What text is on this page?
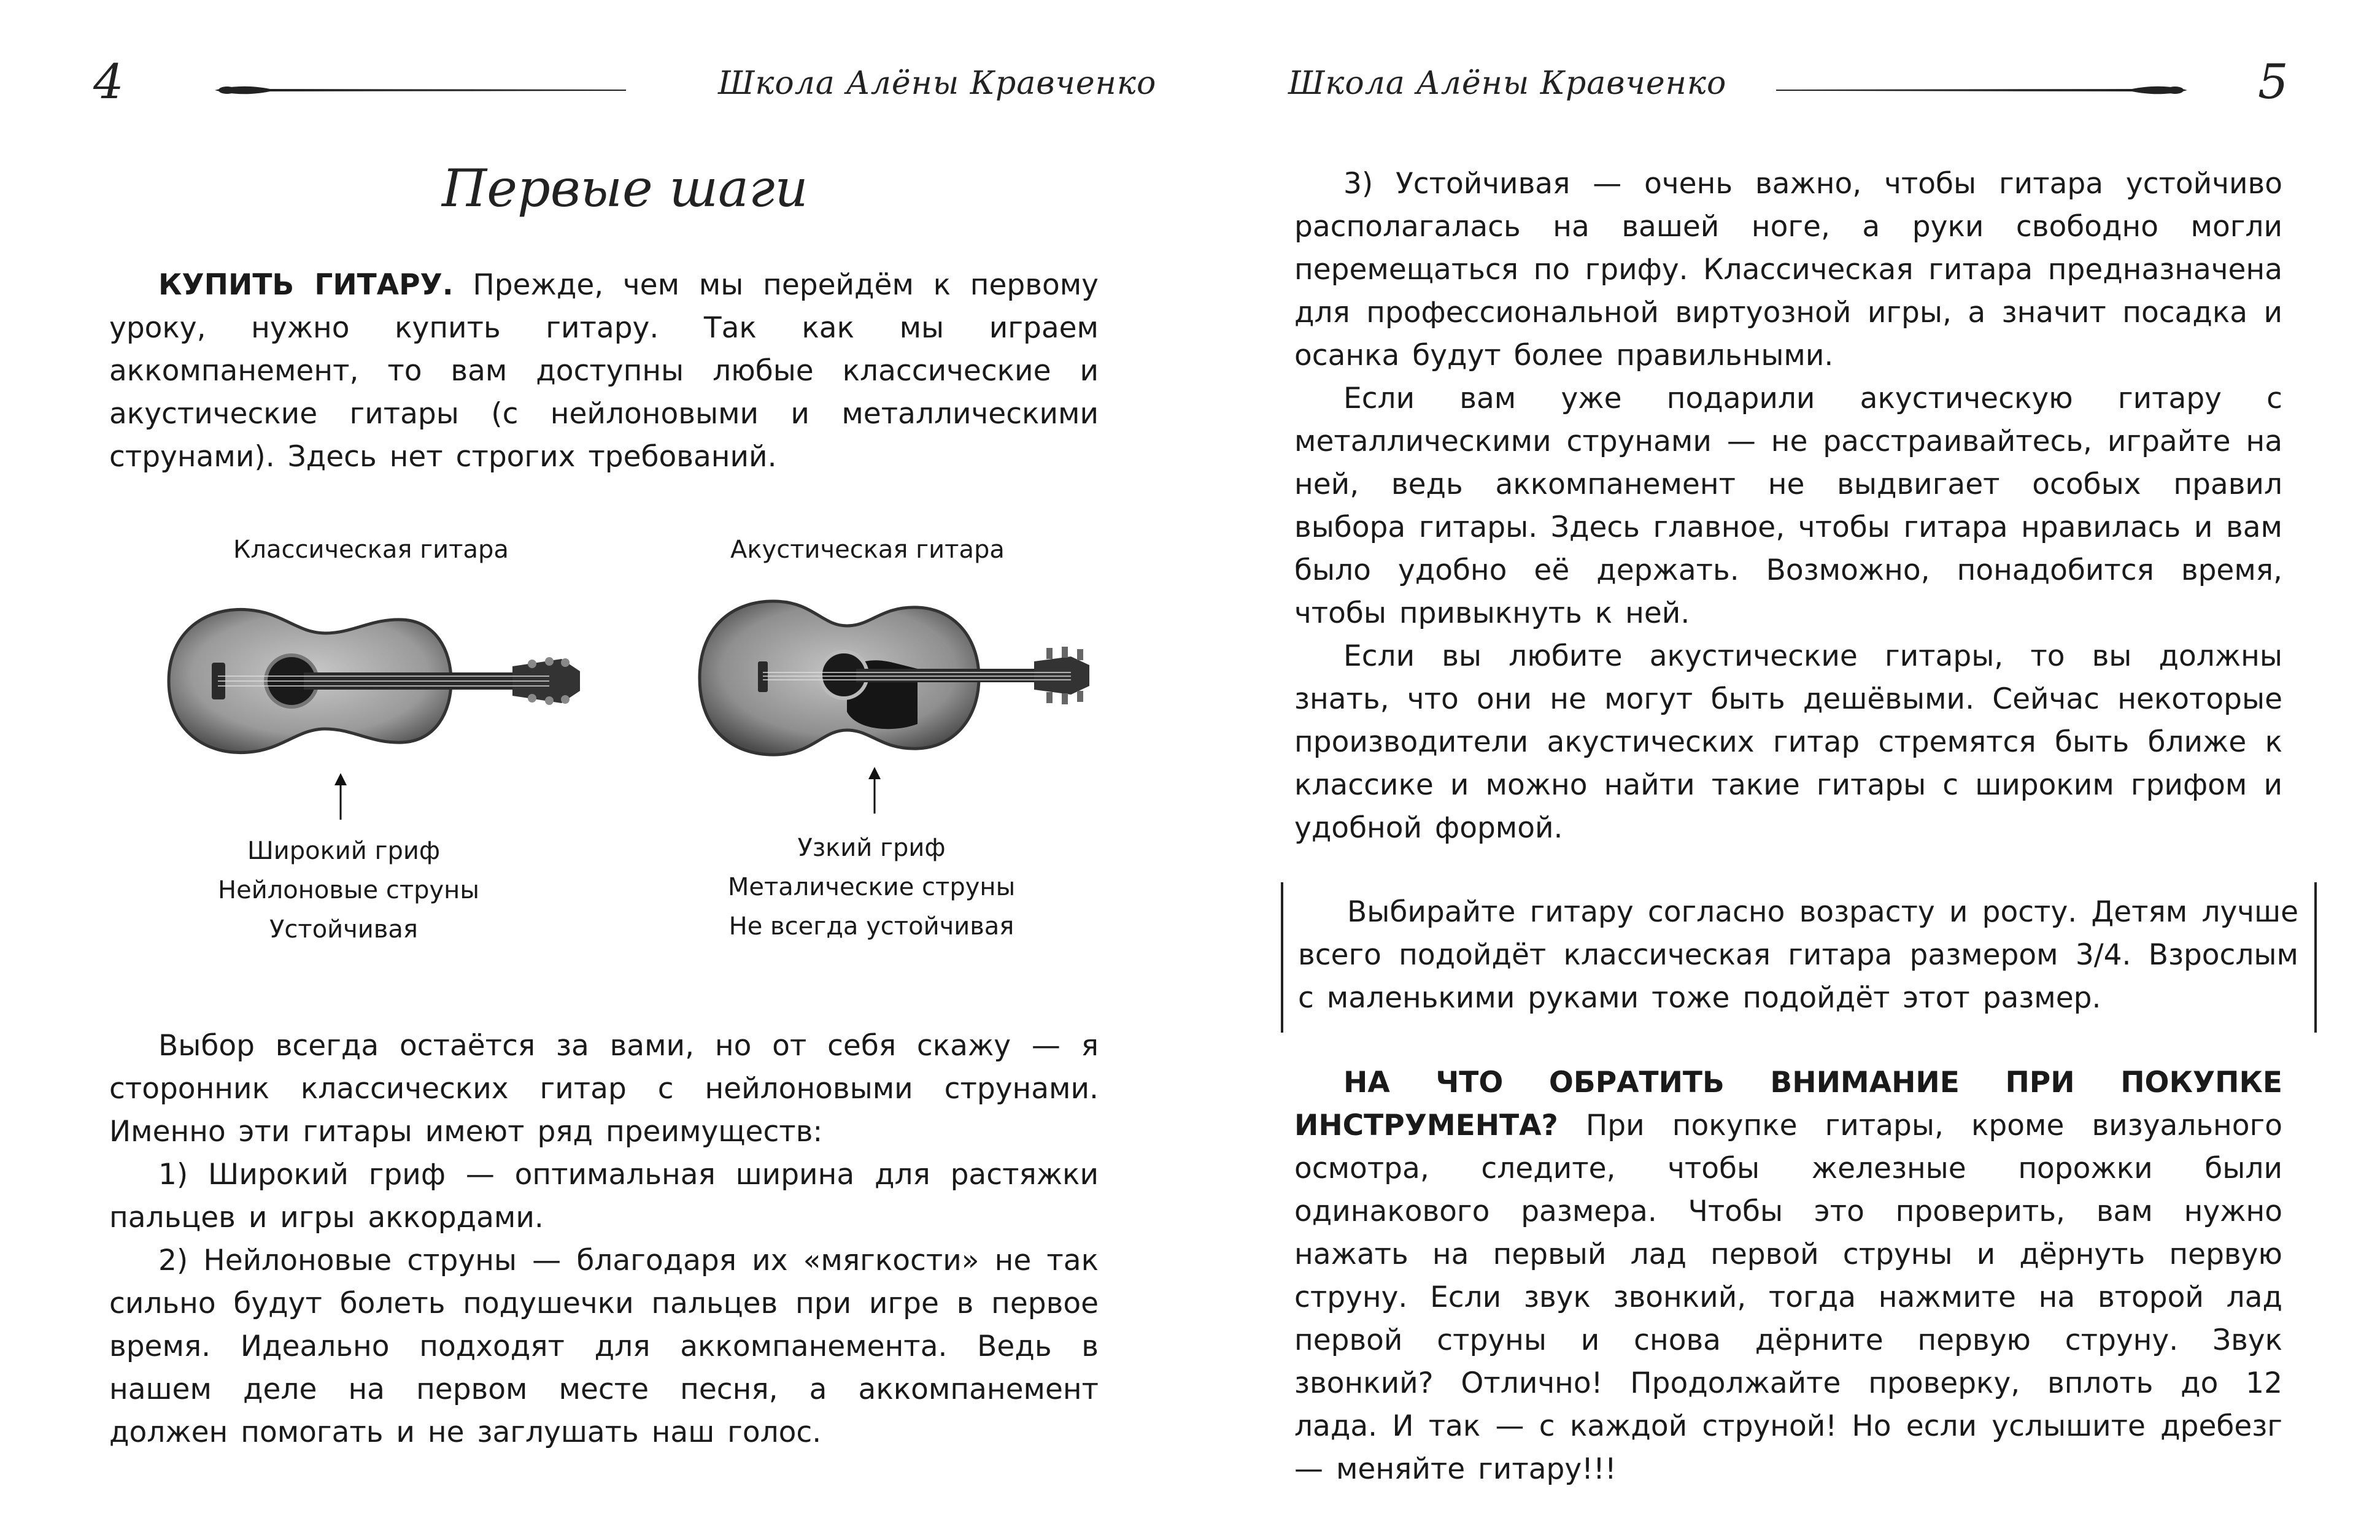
4	Школа Алёны Кравченко
Первые шаги

КУПИТЬ ГИТАРУ. Прежде, чем мы перейдём к первому уроку, нужно купить гитару. Так как мы играем аккомпанемент, то вам доступны любые классические и акустические гитары (с нейлоновыми и металлическими струнами). Здесь нет строгих требований.

Классическая гитара
Широкий гриф
Нейлоновые струны
Устойчивая
Акустическая гитара
Узкий гриф
Металические струны
Не всегда устойчивая

Выбор всегда остаётся за вами, но от себя скажу — я сторонник классических гитар с нейлоновыми струнами. Именно эти гитары имеют ряд преимуществ:

1) Широкий гриф — оптимальная ширина для растяжки пальцев и игры аккордами.

2) Нейлоновые струны — благодаря их «мягкости» не так сильно будут болеть подушечки пальцев при игре в первое время. Идеально подходят для аккомпанемента. Ведь в нашем деле на первом месте песня, а аккомпанемент должен помогать и не заглушать наш голос.

Школа Алёны Кравченко	5

3) Устойчивая — очень важно, чтобы гитара устойчиво располагалась на вашей ноге, а руки свободно могли перемещаться по грифу. Классическая гитара предназначена для профессиональной виртуозной игры, а значит посадка и осанка будут более правильными.

Если вам уже подарили акустическую гитару с металлическими струнами — не расстраивайтесь, играйте на ней, ведь аккомпанемент не выдвигает особых правил выбора гитары. Здесь главное, чтобы гитара нравилась и вам было удобно её держать. Возможно, понадобится время, чтобы привыкнуть к ней.

Если вы любите акустические гитары, то вы должны знать, что они не могут быть дешёвыми. Сейчас некоторые производители акустических гитар стремятся быть ближе к классике и можно найти такие гитары с широким грифом и удобной формой.

Выбирайте гитару согласно возрасту и росту. Детям лучше всего подойдёт классическая гитара размером 3/4. Взрослым с маленькими руками тоже подойдёт этот размер.

НА ЧТО ОБРАТИТЬ ВНИМАНИЕ ПРИ ПОКУПКЕ ИНСТРУМЕНТА? При покупке гитары, кроме визуального осмотра, следите, чтобы железные порожки были одинакового размера. Чтобы это проверить, вам нужно нажать на первый лад первой струны и дёрнуть первую струну. Если звук звонкий, тогда нажмите на второй лад первой струны и снова дёрните первую струну. Звук звонкий? Отлично! Продолжайте проверку, вплоть до 12 лада. И так — с каждой струной! Но если услышите дребезг — меняйте гитару!!!
